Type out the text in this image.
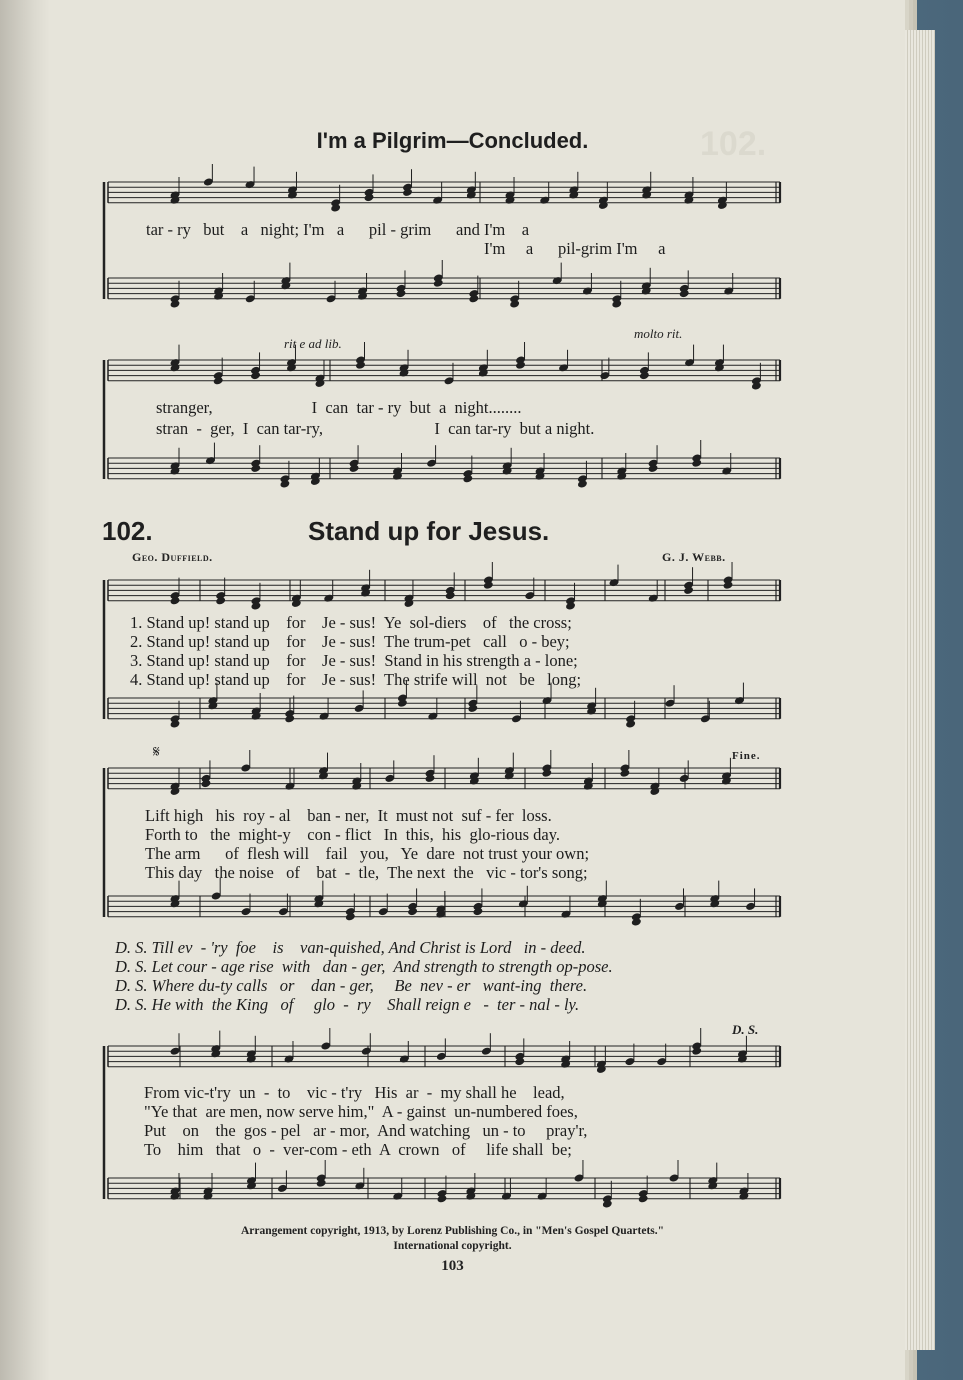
102.
I'm a Pilgrim—Concluded.
tar - ry   but    a   night; I'm   a      pil - grim      and I'm    a
I'm     a      pil-grim I'm     a
rit e ad lib.
molto rit.
stranger,                        I  can  tar - ry  but  a  night........
stran  -  ger,  I  can tar-ry,                           I  can tar-ry  but a night.
102.	Stand up for Jesus.
Geo. Duffield.	G. J. Webb.
1. Stand up! stand up    for    Je - sus!  Ye  sol-diers    of   the cross;
2. Stand up! stand up    for    Je - sus!  The trum-pet   call   o - bey;
3. Stand up! stand up    for    Je - sus!  Stand in his strength a - lone;
4. Stand up! stand up    for    Je - sus!  The strife will  not   be   long;
𝄋	Fine.
Lift high   his  roy - al    ban - ner,  It  must not  suf - fer  loss.
Forth to   the  might-y    con - flict   In  this,  his  glo-rious day.
The arm      of  flesh will    fail   you,   Ye  dare  not trust your own;
This day   the noise   of    bat  -  tle,  The next  the   vic - tor's song;
D. S. Till ev  - 'ry  foe    is    van-quished, And Christ is Lord   in - deed.
D. S. Let cour - age rise  with   dan - ger,  And strength to strength op-pose.
D. S. Where du-ty calls   or    dan - ger,     Be  nev - er   want-ing  there.
D. S. He with  the King   of     glo  -  ry    Shall reign e   -  ter - nal - ly.
D. S.
From vic-t'ry  un  -  to    vic - t'ry   His  ar  -  my shall he    lead,
"Ye that  are men, now serve him,"  A - gainst  un-numbered foes,
Put    on    the  gos - pel   ar - mor,  And watching   un - to     pray'r,
To    him   that   o  -  ver-com - eth  A  crown   of     life shall  be;
Arrangement copyright, 1913, by Lorenz Publishing Co., in "Men's Gospel Quartets."
International copyright.
103
